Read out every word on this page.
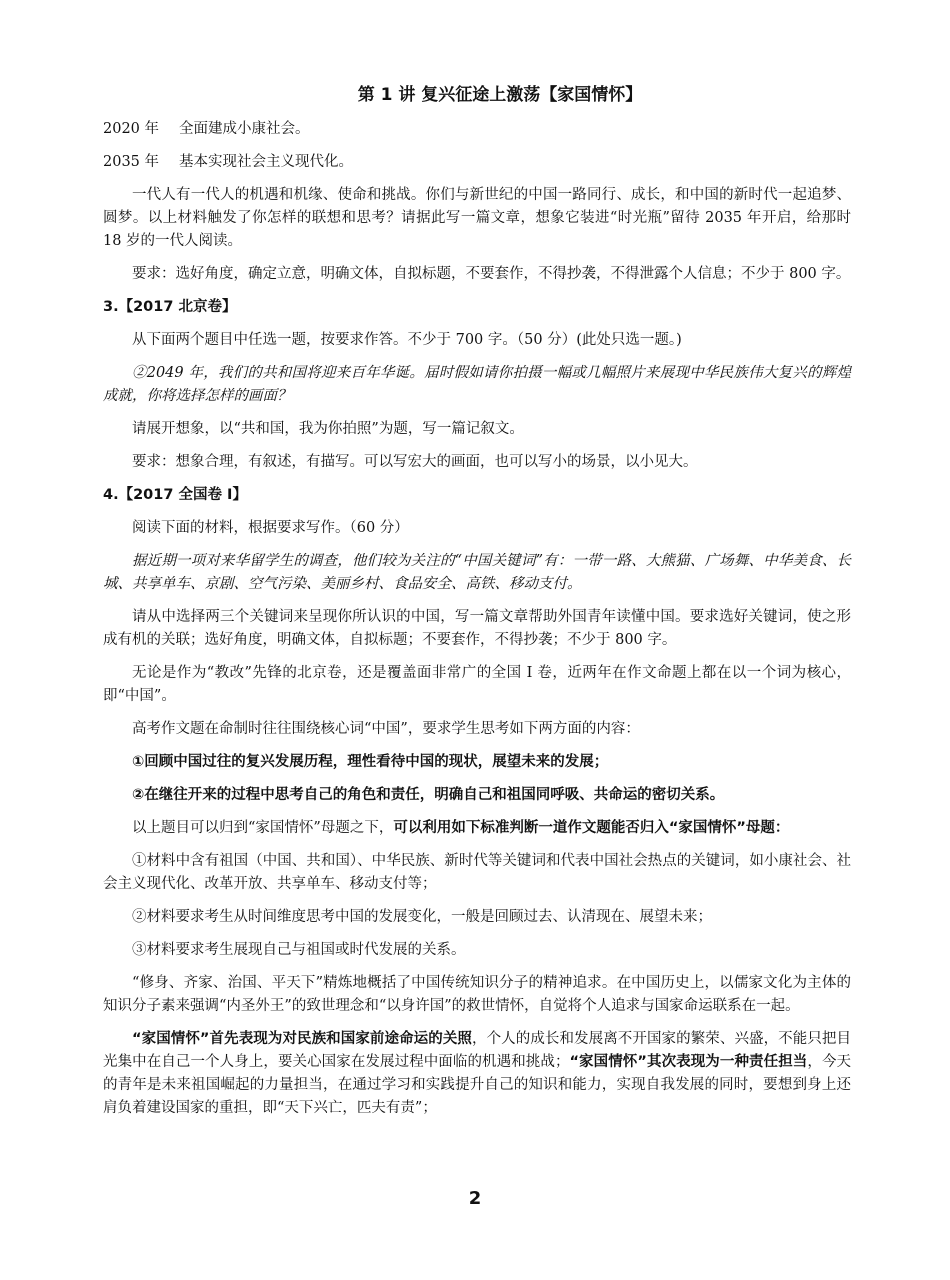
第 1 讲 复兴征途上激荡【家国情怀】

2020 年 全面建成小康社会。

2035 年 基本实现社会主义现代化。

一代人有一代人的机遇和机缘、使命和挑战。你们与新世纪的中国一路同行、成长，和中国的新时代一起追梦、圆梦。以上材料触发了你怎样的联想和思考？请据此写一篇文章，想象它装进“时光瓶”留待 2035 年开启，给那时 18 岁的一代人阅读。

要求：选好角度，确定立意，明确文体，自拟标题，不要套作，不得抄袭，不得泄露个人信息；不少于 800 字。

3.【2017 北京卷】

从下面两个题目中任选一题，按要求作答。不少于 700 字。（50 分）(此处只选一题。)

②2049 年，我们的共和国将迎来百年华诞。届时假如请你拍摄一幅或几幅照片来展现中华民族伟大复兴的辉煌成就，你将选择怎样的画面？

请展开想象，以“共和国，我为你拍照”为题，写一篇记叙文。

要求：想象合理，有叙述，有描写。可以写宏大的画面，也可以写小的场景，以小见大。

4.【2017 全国卷 I】

阅读下面的材料，根据要求写作。（60 分）

据近期一项对来华留学生的调查，他们较为关注的“中国关键词”有：一带一路、大熊猫、广场舞、中华美食、长城、共享单车、京剧、空气污染、美丽乡村、食品安全、高铁、移动支付。

请从中选择两三个关键词来呈现你所认识的中国，写一篇文章帮助外国青年读懂中国。要求选好关键词，使之形成有机的关联；选好角度，明确文体，自拟标题；不要套作，不得抄袭；不少于 800 字。

无论是作为“教改”先锋的北京卷，还是覆盖面非常广的全国 I 卷，近两年在作文命题上都在以一个词为核心，即“中国”。

高考作文题在命制时往往围绕核心词“中国”，要求学生思考如下两方面的内容：

①回顾中国过往的复兴发展历程，理性看待中国的现状，展望未来的发展；

②在继往开来的过程中思考自己的角色和责任，明确自己和祖国同呼吸、共命运的密切关系。

以上题目可以归到“家国情怀”母题之下，可以利用如下标准判断一道作文题能否归入“家国情怀”母题：

①材料中含有祖国（中国、共和国）、中华民族、新时代等关键词和代表中国社会热点的关键词，如小康社会、社会主义现代化、改革开放、共享单车、移动支付等；

②材料要求考生从时间维度思考中国的发展变化，一般是回顾过去、认清现在、展望未来；

③材料要求考生展现自己与祖国或时代发展的关系。

“修身、齐家、治国、平天下”精炼地概括了中国传统知识分子的精神追求。在中国历史上，以儒家文化为主体的知识分子素来强调“内圣外王”的致世理念和“以身许国”的救世情怀，自觉将个人追求与国家命运联系在一起。

“家国情怀”首先表现为对民族和国家前途命运的关照，个人的成长和发展离不开国家的繁荣、兴盛，不能只把目光集中在自己一个人身上，要关心国家在发展过程中面临的机遇和挑战；“家国情怀”其次表现为一种责任担当，今天的青年是未来祖国崛起的力量担当，在通过学习和实践提升自己的知识和能力，实现自我发展的同时，要想到身上还肩负着建设国家的重担，即“天下兴亡，匹夫有责”；

2
